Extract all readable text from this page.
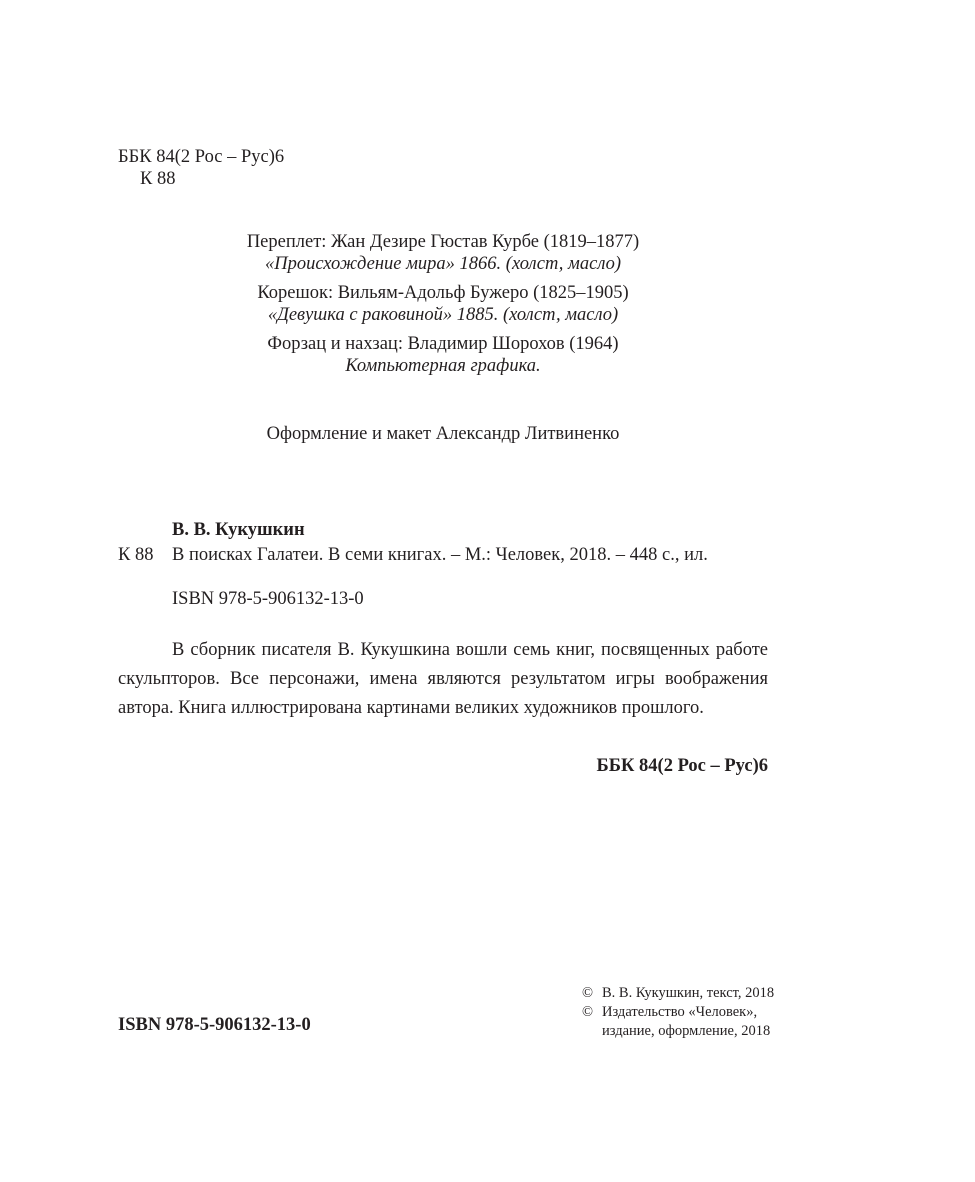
ББК 84(2 Рос – Рус)6
К 88
Переплет: Жан Дезире Гюстав Курбе (1819–1877)
«Происхождение мира» 1866. (холст, масло)
Корешок: Вильям-Адольф Бужеро (1825–1905)
«Девушка с раковиной» 1885. (холст, масло)
Форзац и нахзац: Владимир Шорохов (1964)
Компьютерная графика.
Оформление и макет Александр Литвиненко
В. В. Кукушкин
К 88 В поисках Галатеи. В семи книгах. – М.: Человек, 2018. – 448 с., ил.
ISBN 978-5-906132-13-0
В сборник писателя В. Кукушкина вошли семь книг, посвященных работе скульпторов. Все персонажи, имена являются результатом игры воображения автора. Книга иллюстрирована картинами великих художников прошлого.
ББК 84(2 Рос – Рус)6
ISBN 978-5-906132-13-0
© В. В. Кукушкин, текст, 2018
© Издательство «Человек»,
издание, оформление, 2018
